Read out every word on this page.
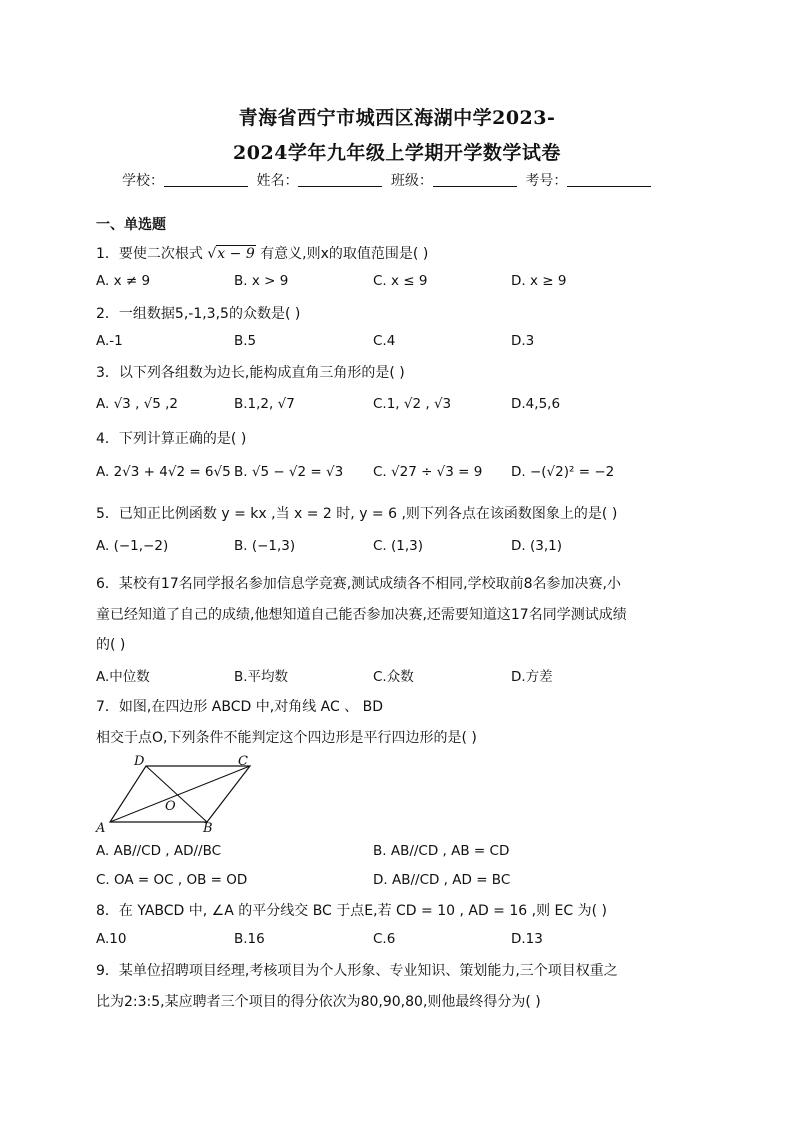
青海省西宁市城西区海湖中学2023-
2024学年九年级上学期开学数学试卷
学校：	姓名：	班级：	考号：
一、单选题
1．要使二次根式 √x − 9 有意义,则x的取值范围是( )
A. x ≠ 9	B. x > 9	C. x ≤ 9	D. x ≥ 9
2．一组数据5,-1,3,5的众数是( )
A.-1	B.5	C.4	D.3
3．以下列各组数为边长,能构成直角三角形的是( )
A. √3 , √5 ,2	B.1,2, √7	C.1, √2 , √3	D.4,5,6
4．下列计算正确的是( )
A. 2√3 + 4√2 = 6√5 B. √5 − √2 = √3 C. √27 ÷ √3 = 9 D. −(√2)² = −2
5．已知正比例函数 y = kx ,当 x = 2 时, y = 6 ,则下列各点在该函数图象上的是( )
A. (−1,−2)	B. (−1,3)	C. (1,3)	D. (3,1)
6．某校有17名同学报名参加信息学竞赛,测试成绩各不相同,学校取前8名参加决赛,小
童已经知道了自己的成绩,他想知道自己能否参加决赛,还需要知道这17名同学测试成绩
的( )
A.中位数	B.平均数	C.众数	D.方差
7．如图,在四边形 ABCD 中,对角线 AC 、 BD
相交于点O,下列条件不能判定这个四边形是平行四边形的是( )
A	B
C
D
O
A. AB//CD , AD//BC	B. AB//CD , AB = CD
C. OA = OC , OB = OD	D. AB//CD , AD = BC
8．在 YABCD 中, ∠A 的平分线交 BC 于点E,若 CD = 10 , AD = 16 ,则 EC 为( )
A.10	B.16	C.6	D.13
9．某单位招聘项目经理,考核项目为个人形象、专业知识、策划能力,三个项目权重之
比为2:3:5,某应聘者三个项目的得分依次为80,90,80,则他最终得分为( )
